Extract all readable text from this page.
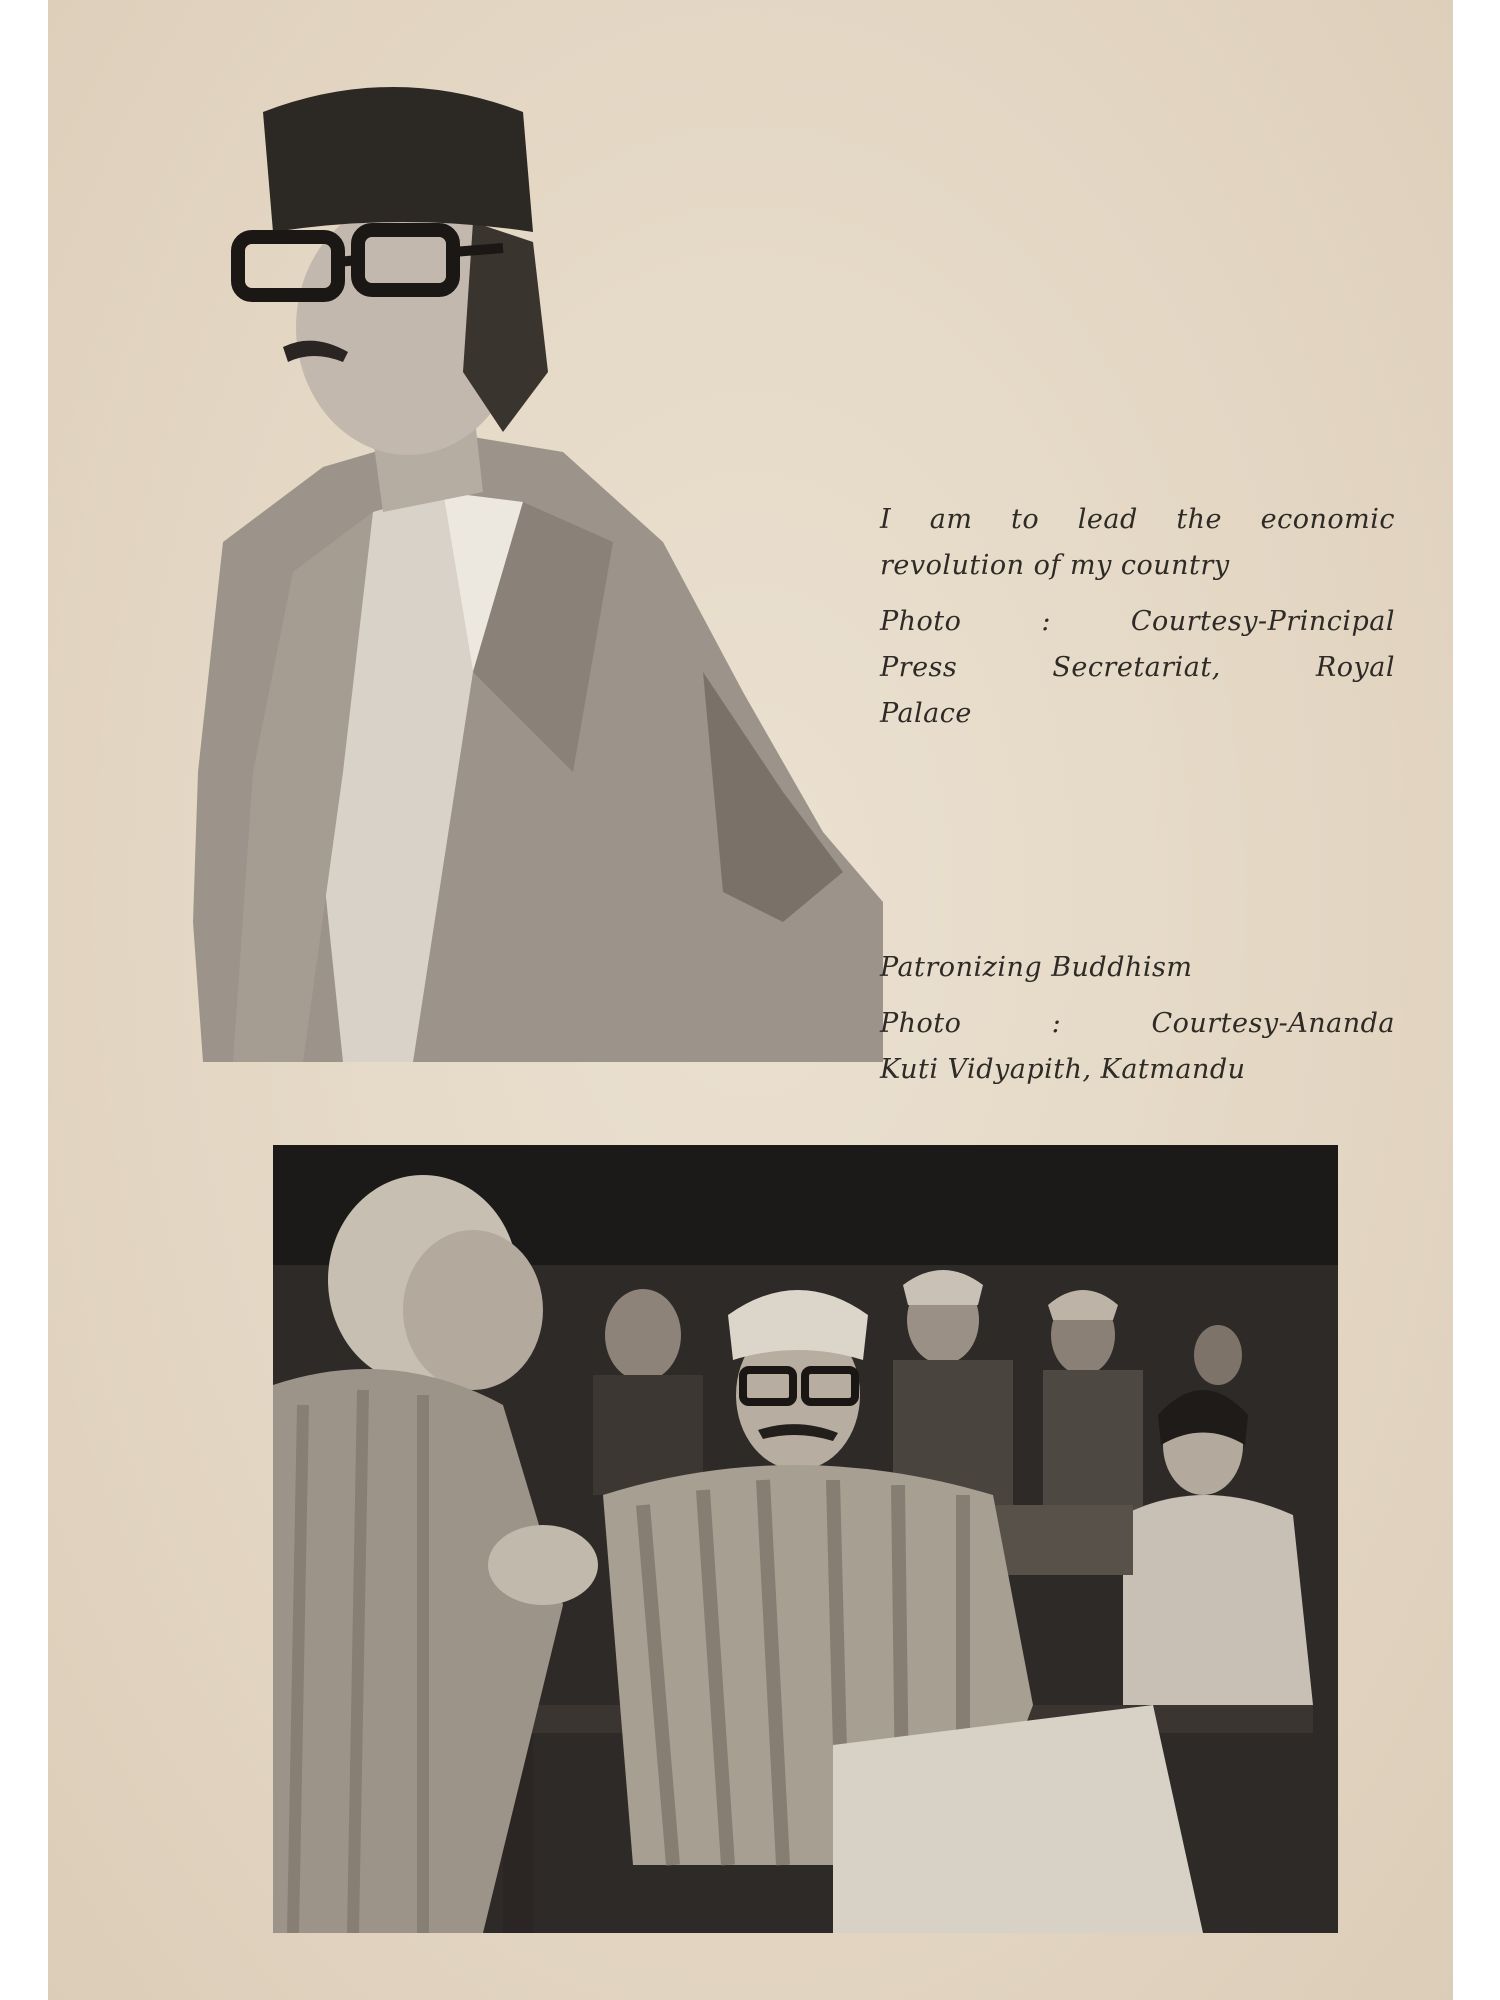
I am to lead the economic

revolution of my country

Photo : Courtesy-Principal

Press Secretariat, Royal

Palace

Patronizing Buddhism

Photo : Courtesy-Ananda

Kuti Vidyapith, Katmandu
